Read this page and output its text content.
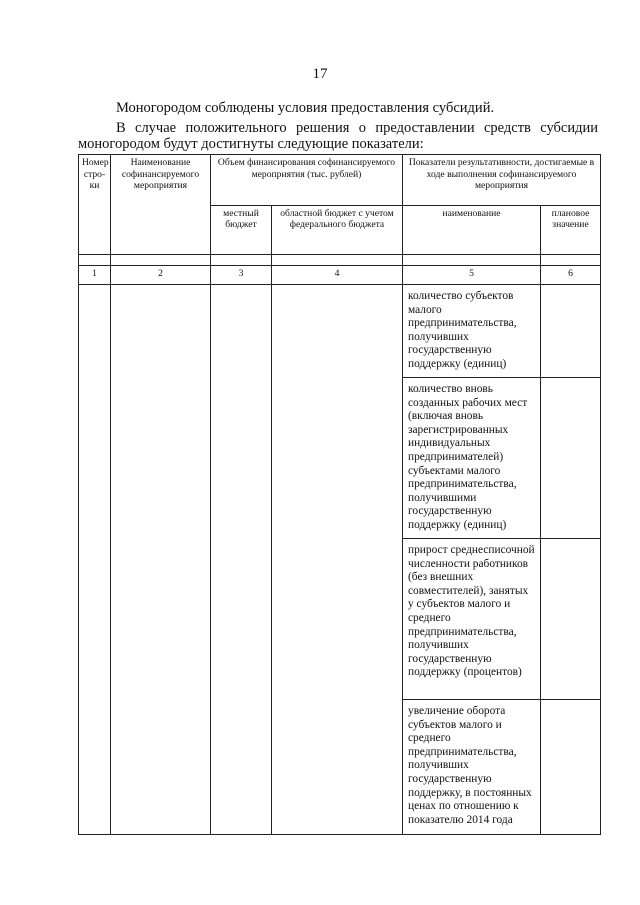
17
Моногородом соблюдены условия предоставления субсидий.
В случае положительного решения о предоставлении средств субсидии
моногородом будут достигнуты следующие показатели:
Номер стро-ки	Наименование софинансируемого мероприятия	Объем финансирования софинансируемого мероприятия (тыс. рублей)		Показатели результативности, достигаемые в ходе выполнения софинансируемого мероприятия	
		местный бюджет	областной бюджет с учетом федерального бюджета	наименование	плановое значение

1	2	3	4	5	6
				количество субъектов малого предпринимательства, получивших государственную поддержку (единиц)	
				количество вновь созданных рабочих мест (включая вновь зарегистрированных индивидуальных предпринимателей) субъектами малого предпринимательства, получившими государственную поддержку (единиц)	
				прирост среднесписочной численности работников (без внешних совместителей), занятых у субъектов малого и среднего предпринимательства, получивших государственную поддержку (процентов)	
				увеличение оборота субъектов малого и среднего предпринимательства, получивших государственную поддержку, в постоянных ценах по отношению к показателю 2014 года	
